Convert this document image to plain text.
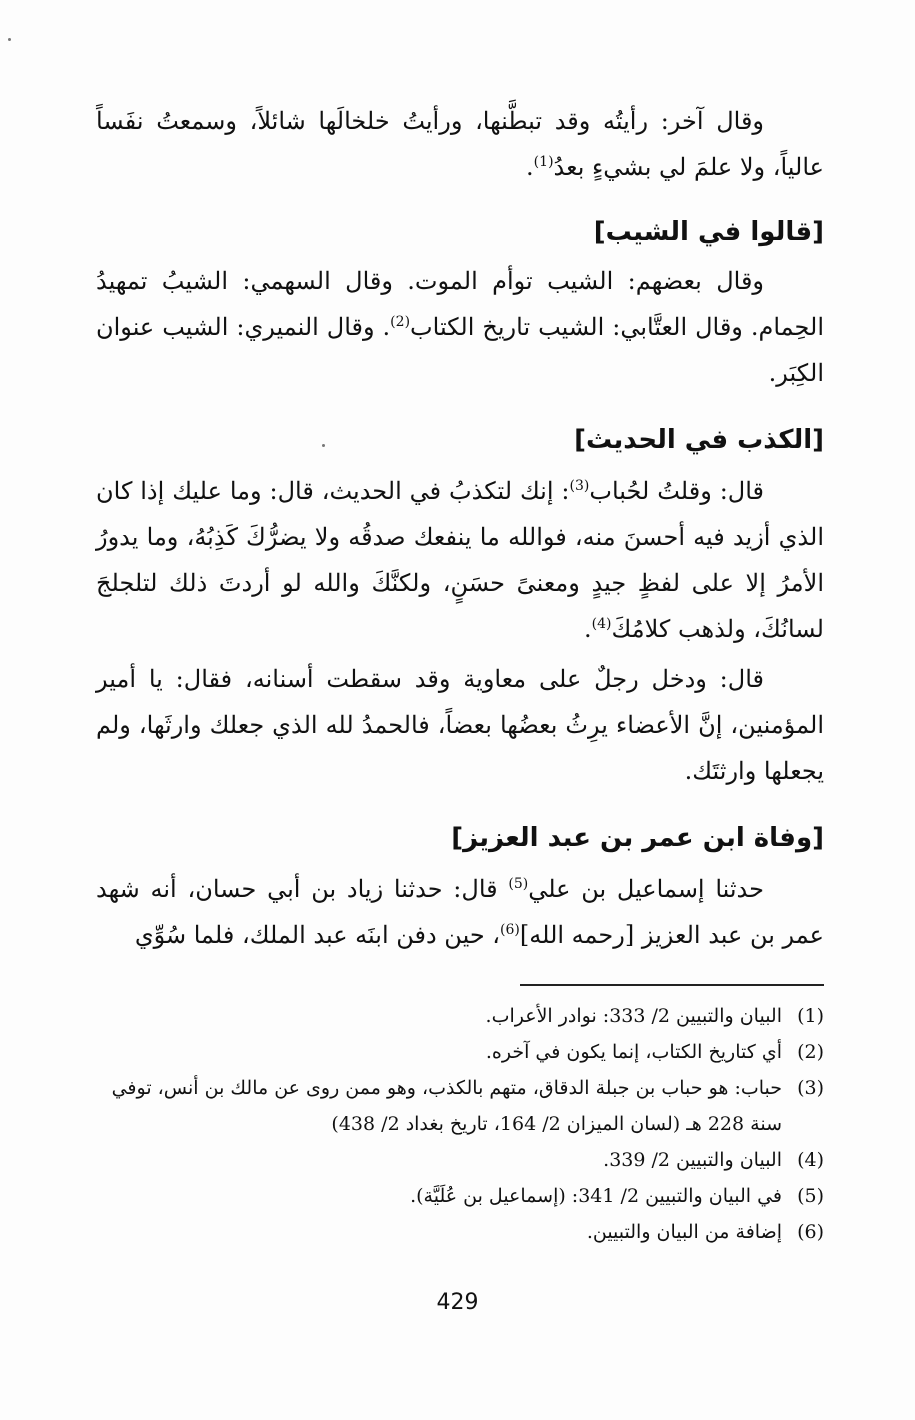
وقال آخر: رأيتُه وقد تبطَّنها، ورأيتُ خلخالَها شائلاً، وسمعتُ نفَساً عالياً، ولا علمَ لي بشيءٍ بعدُ$^{(1)}$.

[قالوا في الشيب]

وقال بعضهم: الشيب توأم الموت. وقال السهمي: الشيبُ تمهيدُ الحِمام. وقال العتَّابي: الشيب تاريخ الكتاب$^{(2)}$. وقال النميري: الشيب عنوان الكِبَر.

[الكذب في الحديث]

قال: وقلتُ لحُباب$^{(3)}$: إنك لتكذبُ في الحديث، قال: وما عليك إذا كان الذي أزيد فيه أحسنَ منه، فوالله ما ينفعك صدقُه ولا يضرُّكَ كَذِبُهُ، وما يدورُ الأمرُ إلا على لفظٍ جيدٍ ومعنىً حسَنٍ، ولكنَّكَ والله لو أردتَ ذلك لتلجلجَ لسانُكَ، ولذهب كلامُكَ$^{(4)}$.

قال: ودخل رجلٌ على معاوية وقد سقطت أسنانه، فقال: يا أمير المؤمنين، إنَّ الأعضاء يرِثُ بعضُها بعضاً، فالحمدُ لله الذي جعلك وارثَها، ولم يجعلها وارثتَك.

[وفاة ابن عمر بن عبد العزيز]

حدثنا إسماعيل بن علي$^{(5)}$ قال: حدثنا زياد بن أبي حسان، أنه شهد عمر بن عبد العزيز [رحمه الله]$^{(6)}$، حين دفن ابنَه عبد الملك، فلما سُوِّي

(1)
البيان والتبيين 2/ 333: نوادر الأعراب.

(2)
أي كتاريخ الكتاب، إنما يكون في آخره.

(3)
حباب: هو حباب بن جبلة الدقاق، متهم بالكذب، وهو ممن روى عن مالك بن أنس، توفي سنة 228 هـ (لسان الميزان 2/ 164، تاريخ بغداد 2/ 438)

(4)
البيان والتبيين 2/ 339.

(5)
في البيان والتبيين 2/ 341: (إسماعيل بن عُلَيَّة).

(6)
إضافة من البيان والتبيين.

429
